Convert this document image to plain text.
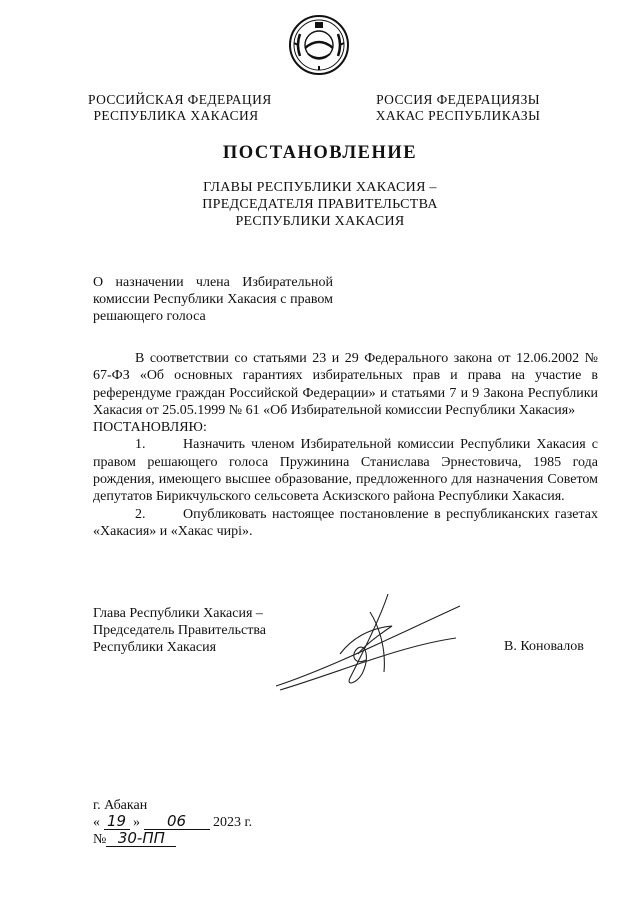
РОССИЙСКАЯ ФЕДЕРАЦИЯ
РЕСПУБЛИКА ХАКАСИЯ
РОССИЯ ФЕДЕРАЦИЯЗЫ
ХАКАС РЕСПУБЛИКАЗЫ
ПОСТАНОВЛЕНИЕ
ГЛАВЫ РЕСПУБЛИКИ ХАКАСИЯ –
ПРЕДСЕДАТЕЛЯ ПРАВИТЕЛЬСТВА
РЕСПУБЛИКИ ХАКАСИЯ
О назначении члена Избирательной комиссии Республики Хакасия с правом решающего голоса

В соответствии со статьями 23 и 29 Федерального закона от 12.06.2002 № 67-ФЗ «Об основных гарантиях избирательных прав и права на участие в референдуме граждан Российской Федерации» и статьями 7 и 9 Закона Республики Хакасия от 25.05.1999 № 61 «Об Избирательной комиссии Республики Хакасия»

ПОСТАНОВЛЯЮ:

1.	Назначить членом Избирательной комиссии Республики Хакасия с правом решающего голоса Пружинина Станислава Эрнестовича, 1985 года рождения, имеющего высшее образование, предложенного для назначения Советом депутатов Бирикчульского сельсовета Аскизского района Республики Хакасия.

2.	Опубликовать настоящее постановление в республиканских газетах «Хакасия» и «Хакас чирі».

Глава Республики Хакасия –
Председатель Правительства
Республики Хакасия	В. Коновалов
г. Абакан
« 19 » 06 2023 г.
№ 30-ПП
